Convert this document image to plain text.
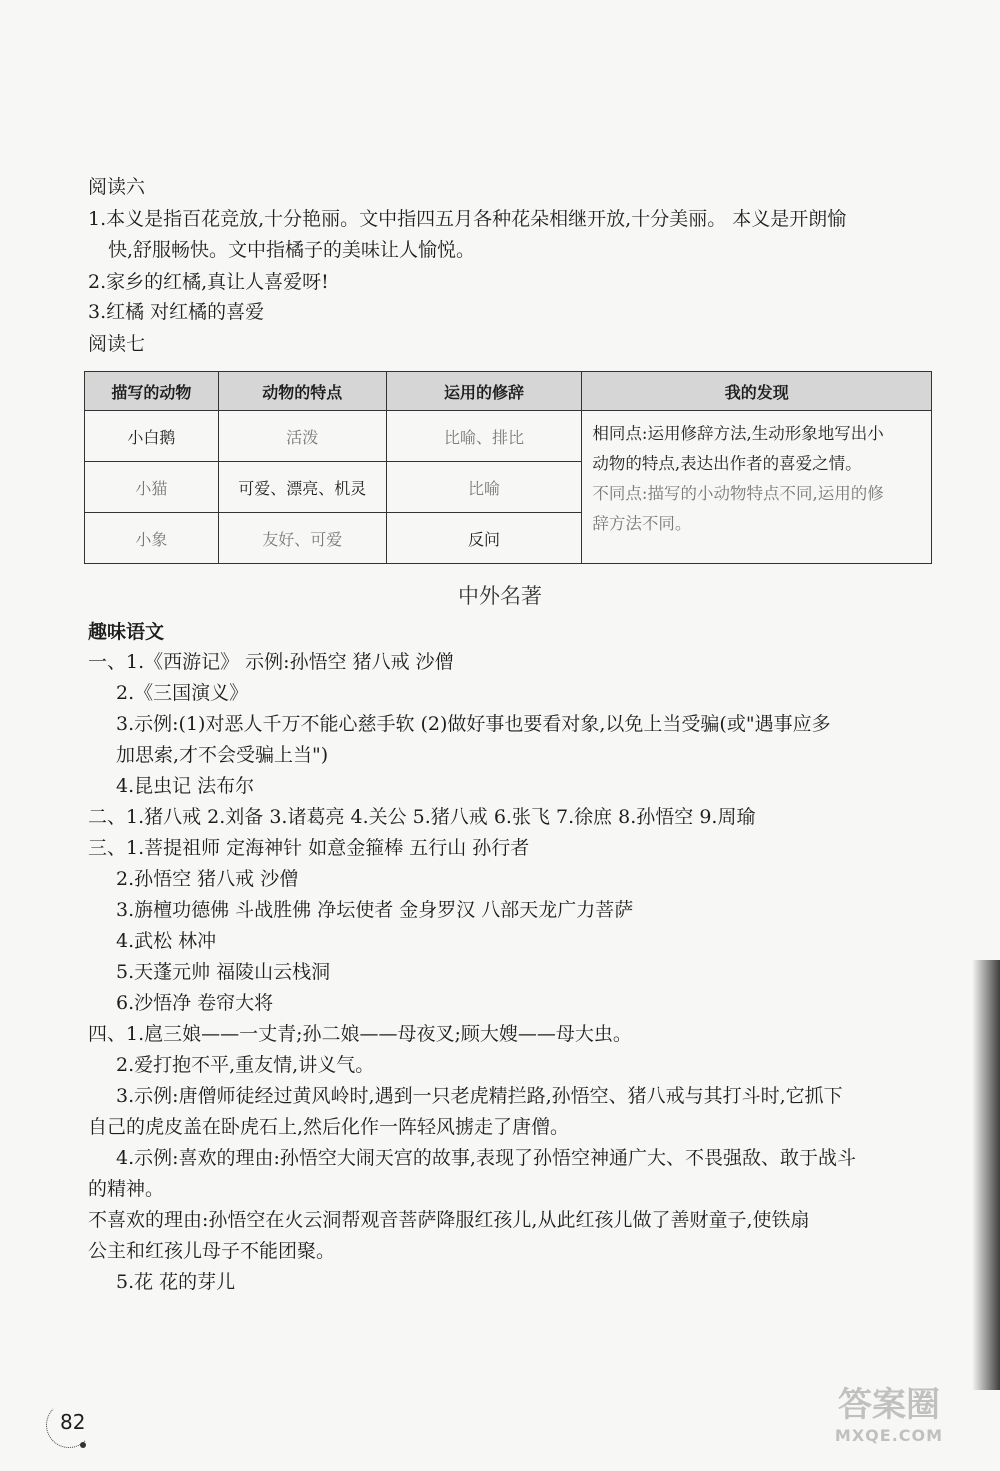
阅读六
1.本义是指百花竞放,十分艳丽。文中指四五月各种花朵相继开放,十分美丽。 本义是开朗愉
快,舒服畅快。文中指橘子的美味让人愉悦。
2.家乡的红橘,真让人喜爱呀!
3.红橘 对红橘的喜爱
阅读七
描写的动物	动物的特点	运用的修辞	我的发现
小白鹅	活泼	比喻、排比	相同点:运用修辞方法,生动形象地写出小
动物的特点,表达出作者的喜爱之情。
不同点:描写的小动物特点不同,运用的修
辞方法不同。

小猫	可爱、漂亮、机灵	比喻	
小象	友好、可爱	反问	
中外名著
趣味语文
一、1.《西游记》 示例:孙悟空 猪八戒 沙僧
2.《三国演义》
3.示例:(1)对恶人千万不能心慈手软 (2)做好事也要看对象,以免上当受骗(或"遇事应多
加思索,才不会受骗上当")
4.昆虫记 法布尔
二、1.猪八戒 2.刘备 3.诸葛亮 4.关公 5.猪八戒 6.张飞 7.徐庶 8.孙悟空 9.周瑜
三、1.菩提祖师 定海神针 如意金箍棒 五行山 孙行者
2.孙悟空 猪八戒 沙僧
3.旃檀功德佛 斗战胜佛 净坛使者 金身罗汉 八部天龙广力菩萨
4.武松 林冲
5.天蓬元帅 福陵山云栈洞
6.沙悟净 卷帘大将
四、1.扈三娘——一丈青;孙二娘——母夜叉;顾大嫂——母大虫。
2.爱打抱不平,重友情,讲义气。
3.示例:唐僧师徒经过黄风岭时,遇到一只老虎精拦路,孙悟空、猪八戒与其打斗时,它抓下
自己的虎皮盖在卧虎石上,然后化作一阵轻风掳走了唐僧。
4.示例:喜欢的理由:孙悟空大闹天宫的故事,表现了孙悟空神通广大、不畏强敌、敢于战斗
的精神。
不喜欢的理由:孙悟空在火云洞帮观音菩萨降服红孩儿,从此红孩儿做了善财童子,使铁扇
公主和红孩儿母子不能团聚。
5.花 花的芽儿
82	答案圈
MXQE.COM
